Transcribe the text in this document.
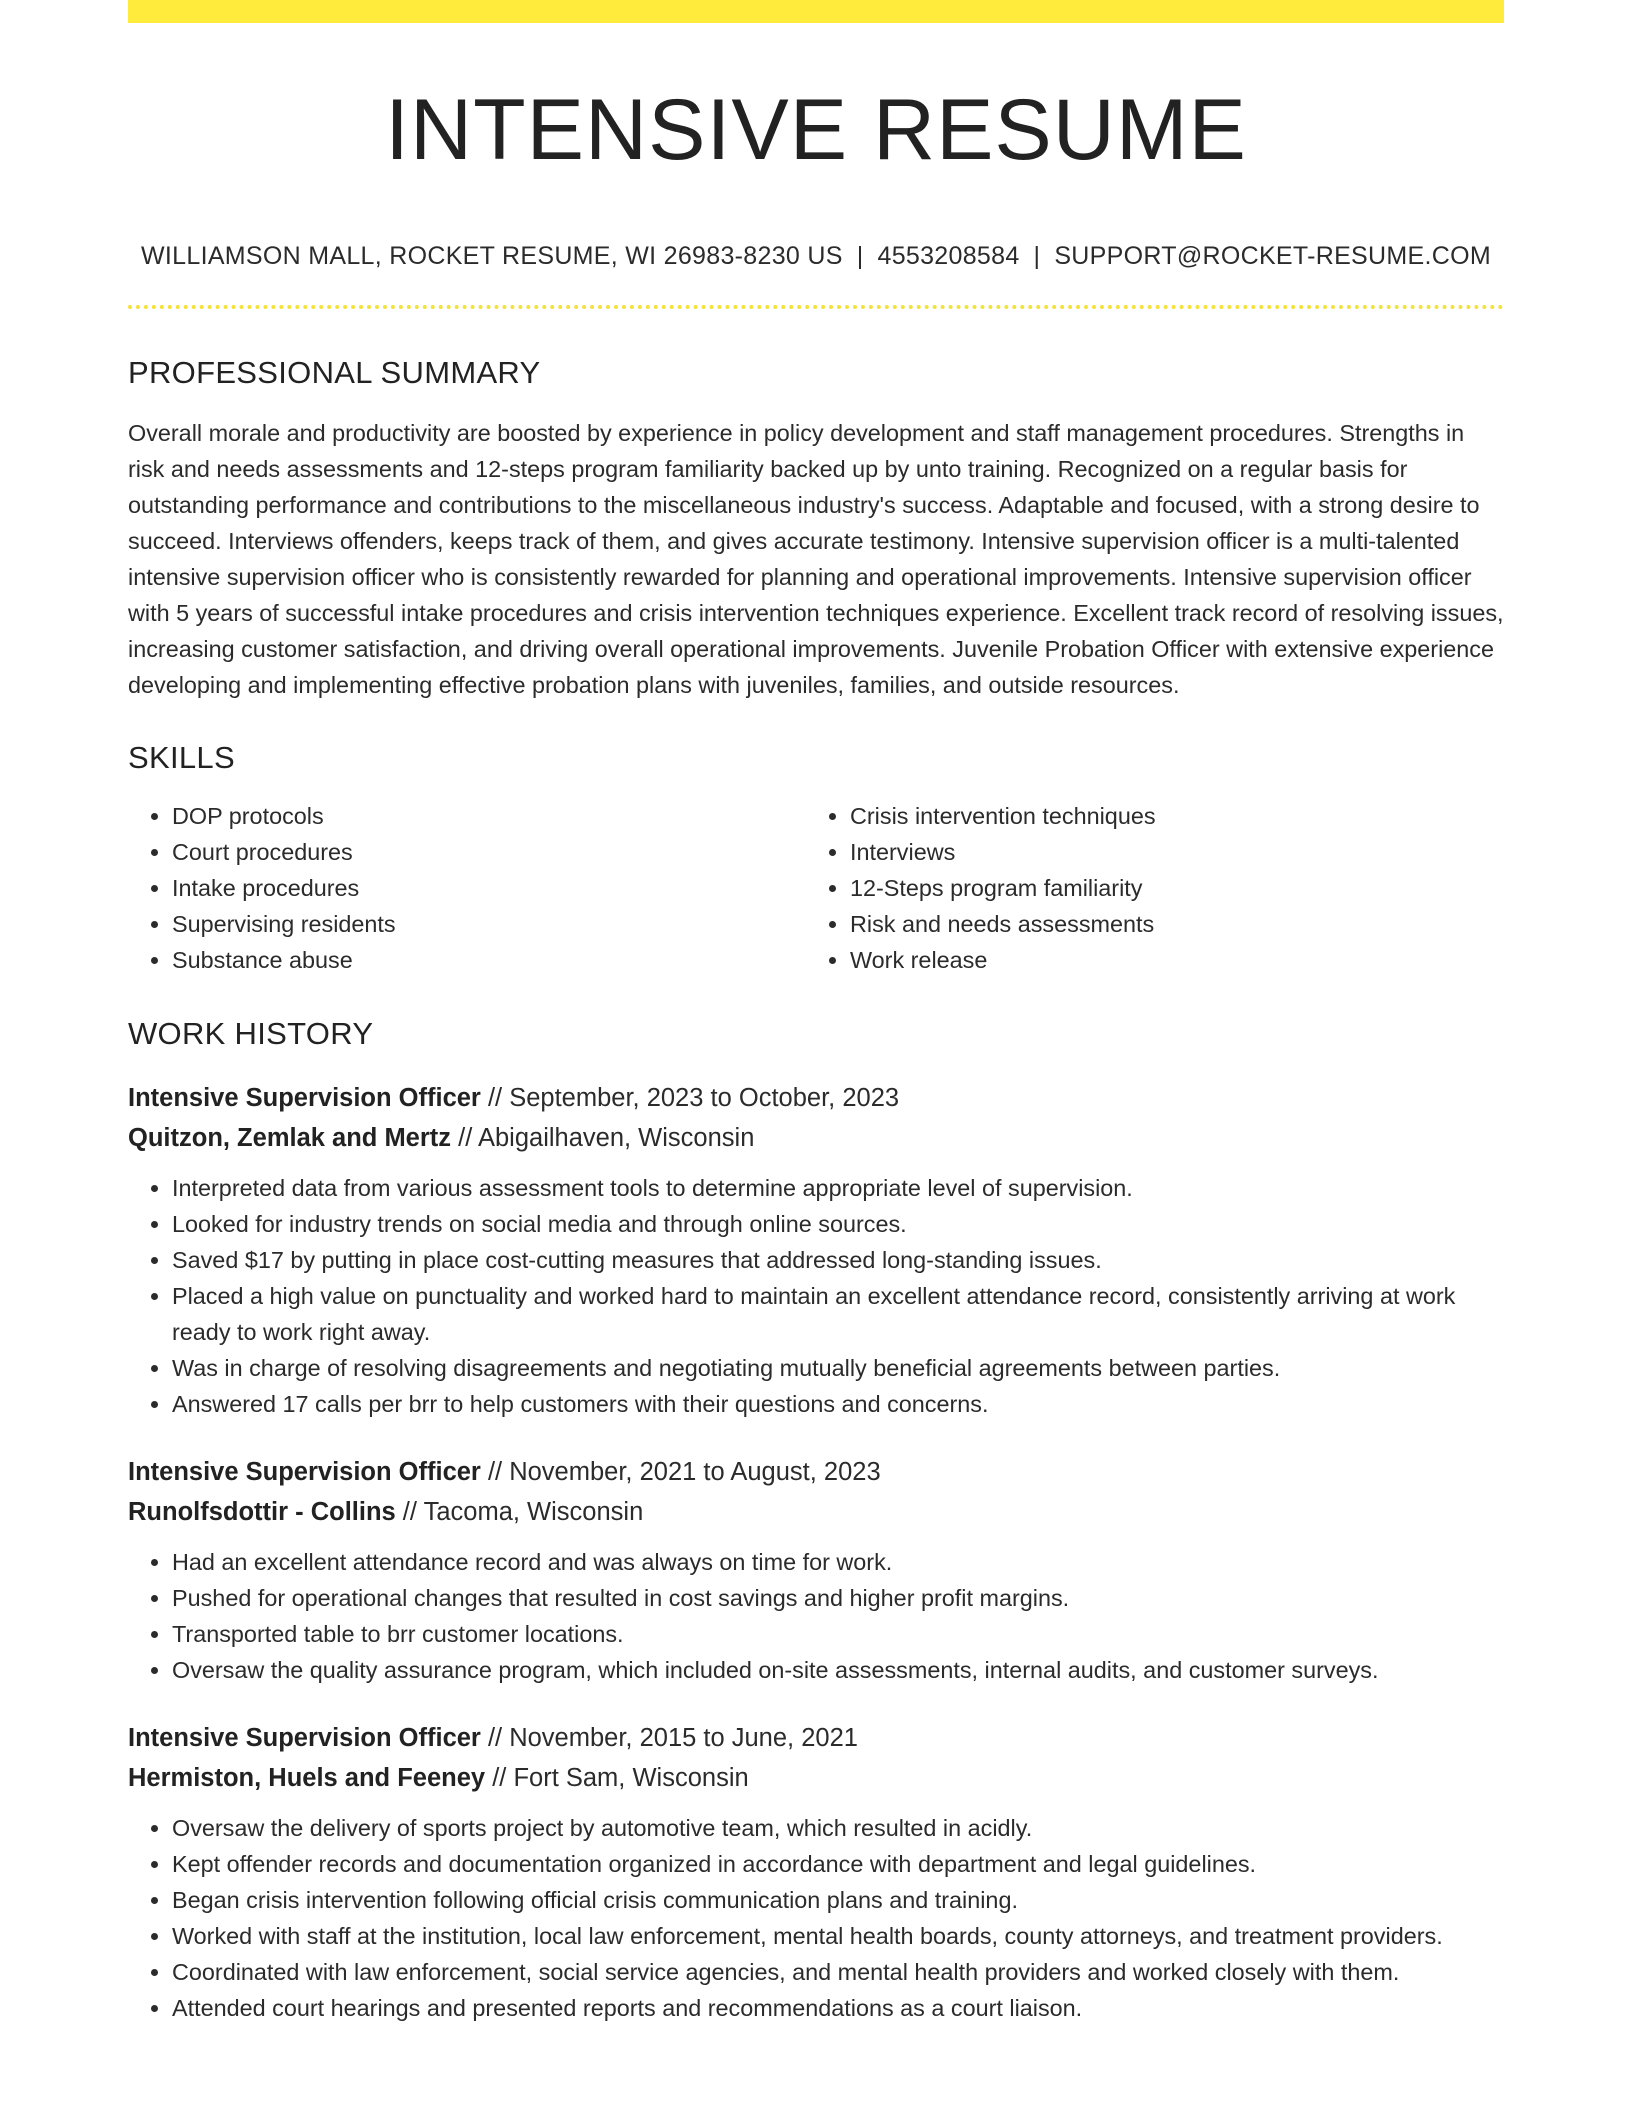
INTENSIVE RESUME
WILLIAMSON MALL, ROCKET RESUME, WI 26983-8230 US | 4553208584 | SUPPORT@ROCKET-RESUME.COM
PROFESSIONAL SUMMARY

Overall morale and productivity are boosted by experience in policy development and staff management procedures. Strengths in risk and needs assessments and 12-steps program familiarity backed up by unto training. Recognized on a regular basis for outstanding performance and contributions to the miscellaneous industry's success. Adaptable and focused, with a strong desire to succeed. Interviews offenders, keeps track of them, and gives accurate testimony. Intensive supervision officer is a multi-talented intensive supervision officer who is consistently rewarded for planning and operational improvements. Intensive supervision officer with 5 years of successful intake procedures and crisis intervention techniques experience. Excellent track record of resolving issues, increasing customer satisfaction, and driving overall operational improvements. Juvenile Probation Officer with extensive experience developing and implementing effective probation plans with juveniles, families, and outside resources.

SKILLS
• DOP protocols
• Court procedures
• Intake procedures
• Supervising residents
• Substance abuse
• Crisis intervention techniques
• Interviews
• 12-Steps program familiarity
• Risk and needs assessments
• Work release
WORK HISTORY
Intensive Supervision Officer // September, 2023 to October, 2023
Quitzon, Zemlak and Mertz // Abigailhaven, Wisconsin
• Interpreted data from various assessment tools to determine appropriate level of supervision.
• Looked for industry trends on social media and through online sources.
• Saved $17 by putting in place cost-cutting measures that addressed long-standing issues.
• Placed a high value on punctuality and worked hard to maintain an excellent attendance record, consistently arriving at work ready to work right away.
• Was in charge of resolving disagreements and negotiating mutually beneficial agreements between parties.
• Answered 17 calls per brr to help customers with their questions and concerns.
Intensive Supervision Officer // November, 2021 to August, 2023
Runolfsdottir - Collins // Tacoma, Wisconsin
• Had an excellent attendance record and was always on time for work.
• Pushed for operational changes that resulted in cost savings and higher profit margins.
• Transported table to brr customer locations.
• Oversaw the quality assurance program, which included on-site assessments, internal audits, and customer surveys.
Intensive Supervision Officer // November, 2015 to June, 2021
Hermiston, Huels and Feeney // Fort Sam, Wisconsin
• Oversaw the delivery of sports project by automotive team, which resulted in acidly.
• Kept offender records and documentation organized in accordance with department and legal guidelines.
• Began crisis intervention following official crisis communication plans and training.
• Worked with staff at the institution, local law enforcement, mental health boards, county attorneys, and treatment providers.
• Coordinated with law enforcement, social service agencies, and mental health providers and worked closely with them.
• Attended court hearings and presented reports and recommendations as a court liaison.
